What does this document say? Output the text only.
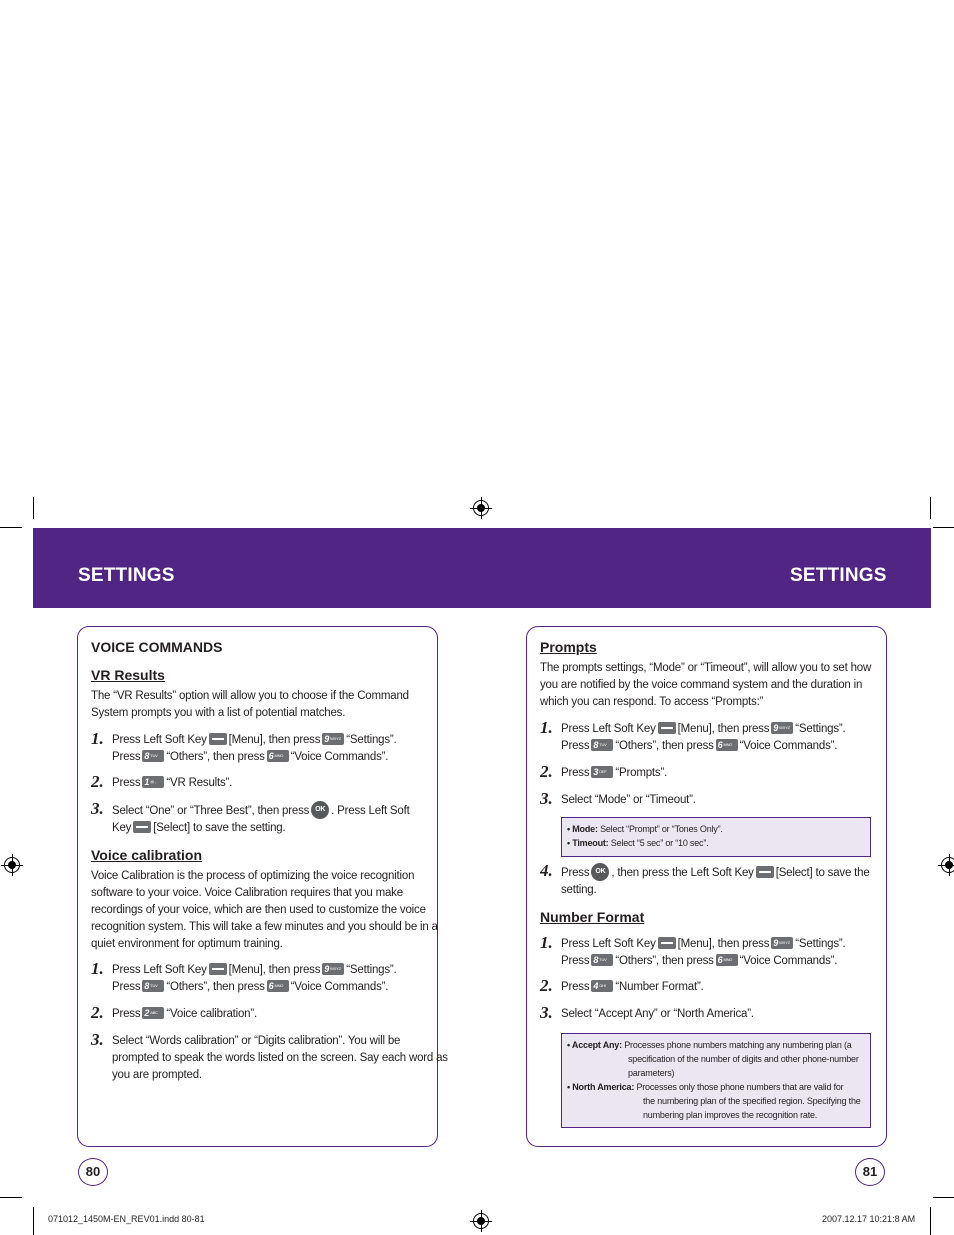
SETTINGS	SETTINGS
VOICE COMMANDS
VR Results
The “VR Results” option will allow you to choose if the Command
System prompts you with a list of potential matches.
1. Press Left Soft Key [Menu], then press $9^{WXYZ}$ “Settings”.
Press $8^{TUV}$ “Others”, then press $6^{MNO}$ “Voice Commands”.
2. Press 1@., “VR Results”.
3. Select “One” or “Three Best”, then press OK . Press Left Soft
Key [Select] to save the setting.
Voice calibration
Voice Calibration is the process of optimizing the voice recognition
software to your voice. Voice Calibration requires that you make
recordings of your voice, which are then used to customize the voice
recognition system. This will take a few minutes and you should be in a
quiet environment for optimum training.
1. Press Left Soft Key [Menu], then press $9^{WXYZ}$ “Settings”.
Press $8^{TUV}$ “Others”, then press $6^{MNO}$ “Voice Commands”.
2. Press $2^{ABC}$ “Voice calibration”.
3. Select “Words calibration” or “Digits calibration”. You will be
prompted to speak the words listed on the screen. Say each word as
you are prompted.
80
Prompts
The prompts settings, “Mode” or “Timeout”, will allow you to set how
you are notified by the voice command system and the duration in
which you can respond. To access “Prompts:”
1. Press Left Soft Key [Menu], then press $9^{WXYZ}$ “Settings”.
Press $8^{TUV}$ “Others”, then press $6^{MNO}$ “Voice Commands”.
2. Press $3^{DEF}$ “Prompts”.
3. Select “Mode” or “Timeout”.
• Mode: Select “Prompt” or “Tones Only”.
• Timeout: Select “5 sec” or “10 sec”.
4. Press OK , then press the Left Soft Key [Select] to save the
setting.
Number Format
1. Press Left Soft Key [Menu], then press $9^{WXYZ}$ “Settings”.
Press $8^{TUV}$ “Others”, then press $6^{MNO}$ “Voice Commands”.
2. Press $4^{GHI}$ “Number Format”.
3. Select “Accept Any” or “North America”.
• Accept Any: Processes phone numbers matching any numbering plan (a
specification of the number of digits and other phone-number
parameters)
• North America: Processes only those phone numbers that are valid for
the numbering plan of the specified region. Specifying the
numbering plan improves the recognition rate.
81
071012_1450M-EN_REV01.indd 80-81	2007.12.17 10:21:8 AM
